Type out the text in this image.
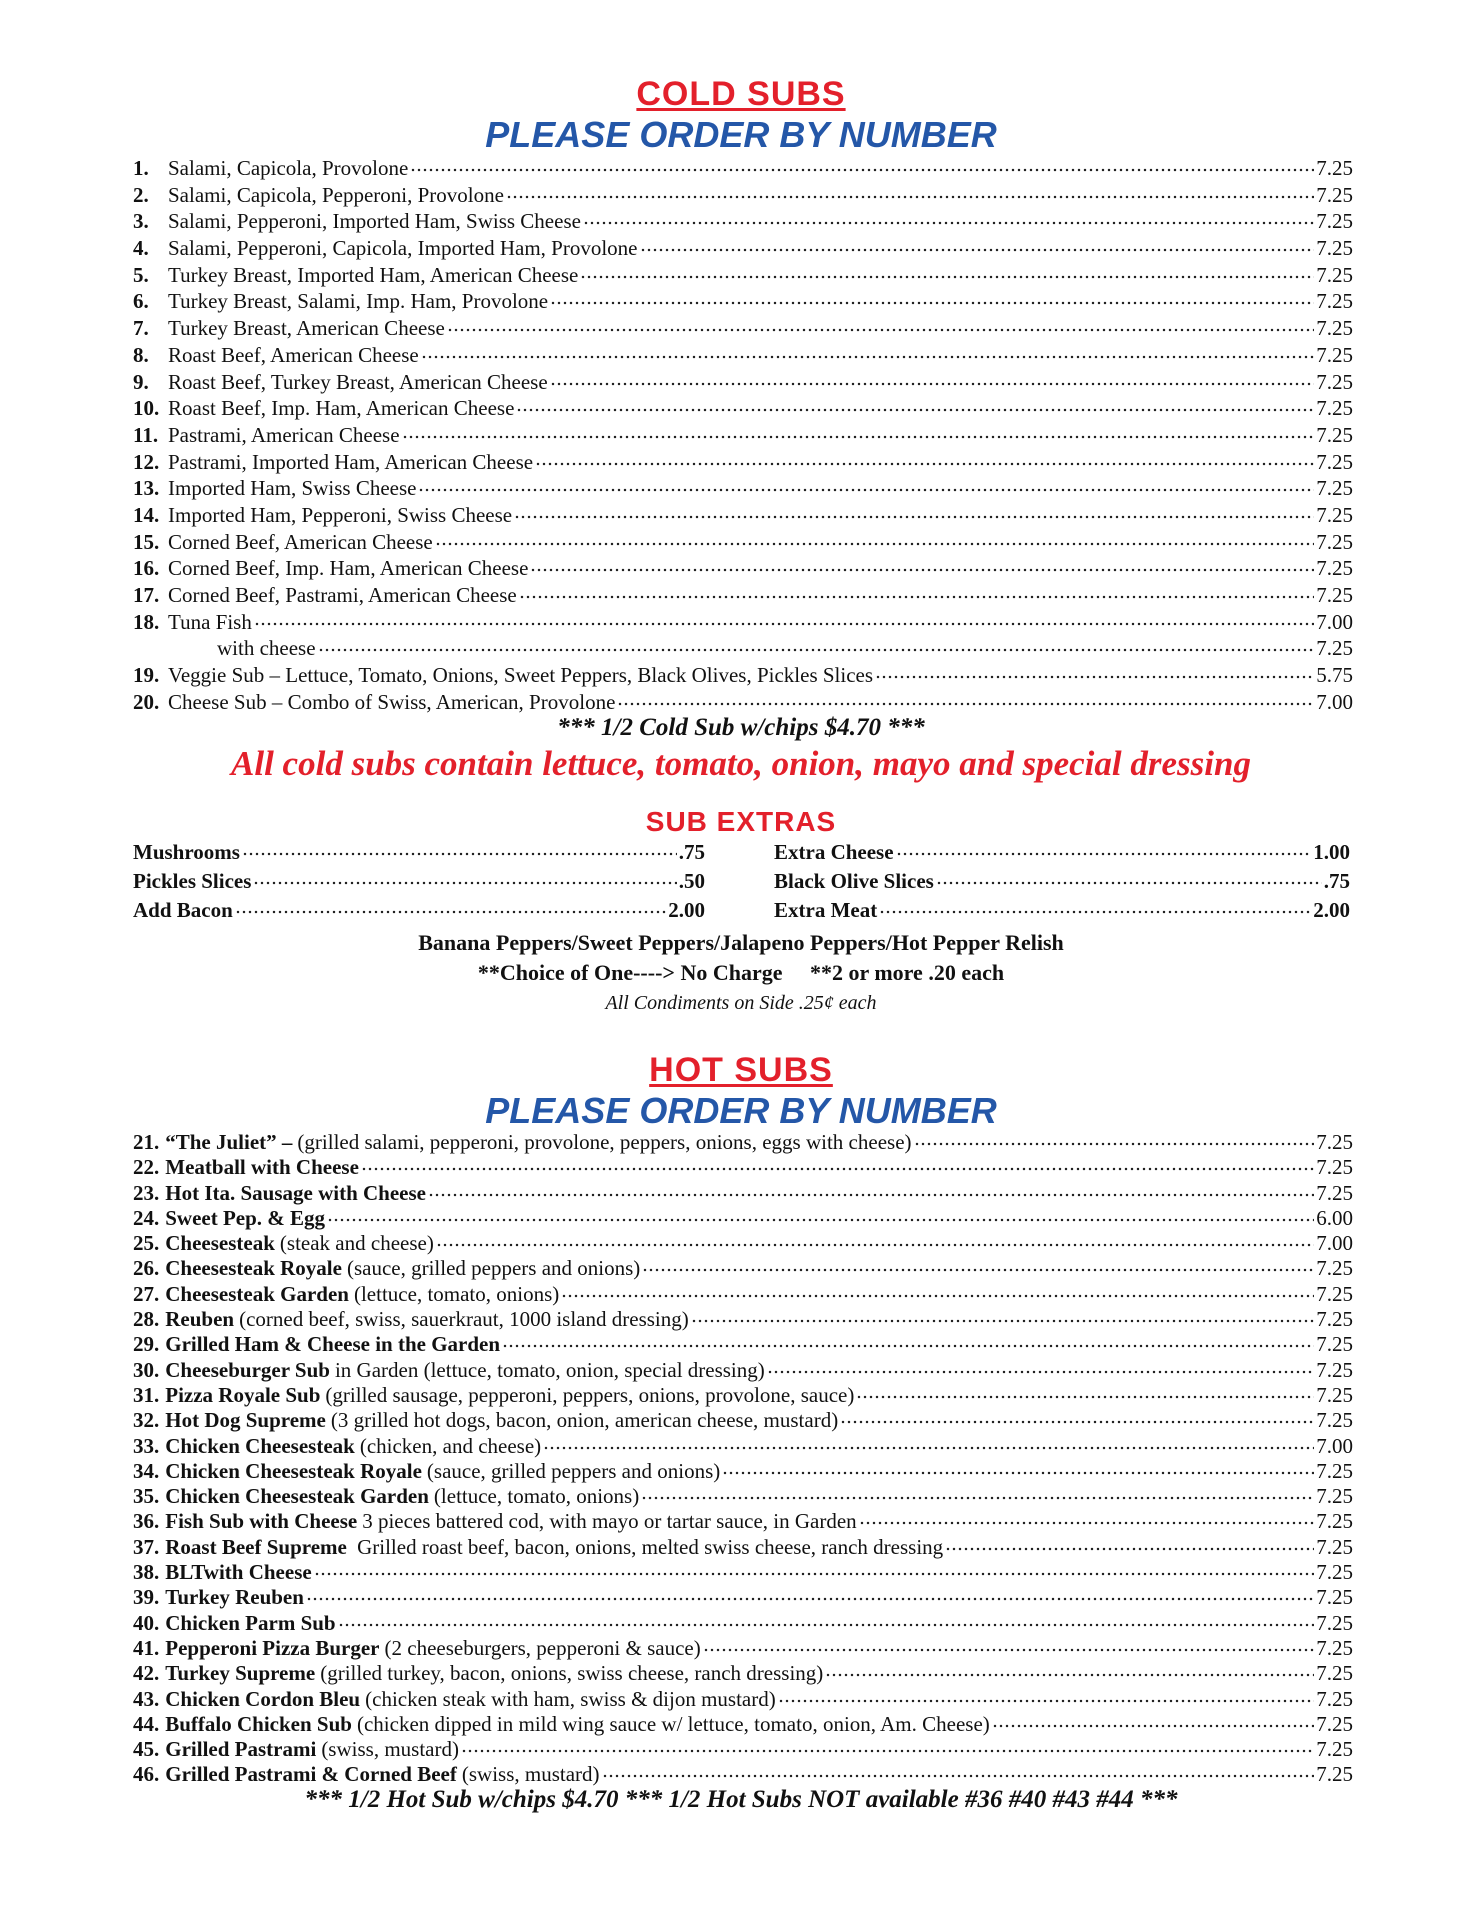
COLD SUBS
PLEASE ORDER BY NUMBER
1. Salami, Capicola, Provolone	7.25
2. Salami, Capicola, Pepperoni, Provolone	7.25
3. Salami, Pepperoni, Imported Ham, Swiss Cheese	7.25
4. Salami, Pepperoni, Capicola, Imported Ham, Provolone	7.25
5. Turkey Breast, Imported Ham, American Cheese	7.25
6. Turkey Breast, Salami, Imp. Ham, Provolone	7.25
7. Turkey Breast, American Cheese	7.25
8. Roast Beef, American Cheese	7.25
9. Roast Beef, Turkey Breast, American Cheese	7.25
10. Roast Beef, Imp. Ham, American Cheese	7.25
11. Pastrami, American Cheese	7.25
12. Pastrami, Imported Ham, American Cheese	7.25
13. Imported Ham, Swiss Cheese	7.25
14. Imported Ham, Pepperoni, Swiss Cheese	7.25
15. Corned Beef, American Cheese	7.25
16. Corned Beef, Imp. Ham, American Cheese	7.25
17. Corned Beef, Pastrami, American Cheese	7.25
18. Tuna Fish	7.00
with cheese	7.25
19. Veggie Sub – Lettuce, Tomato, Onions, Sweet Peppers, Black Olives, Pickles Slices	5.75
20. Cheese Sub – Combo of Swiss, American, Provolone	7.00
*** 1/2 Cold Sub w/chips $4.70 ***
All cold subs contain lettuce, tomato, onion, mayo and special dressing
SUB EXTRAS
Mushrooms	.75
Pickles Slices	.50
Add Bacon	2.00
Extra Cheese	1.00
Black Olive Slices	.75
Extra Meat	2.00
Banana Peppers/Sweet Peppers/Jalapeno Peppers/Hot Pepper Relish
**Choice of One----> No Charge     **2 or more .20 each
All Condiments on Side .25¢ each
HOT SUBS
PLEASE ORDER BY NUMBER
21. “The Juliet” – (grilled salami, pepperoni, provolone, peppers, onions, eggs with cheese)	7.25
22. Meatball with Cheese	7.25
23. Hot Ita. Sausage with Cheese	7.25
24. Sweet Pep. & Egg	6.00
25. Cheesesteak (steak and cheese)	7.00
26. Cheesesteak Royale (sauce, grilled peppers and onions)	7.25
27. Cheesesteak Garden (lettuce, tomato, onions)	7.25
28. Reuben (corned beef, swiss, sauerkraut, 1000 island dressing)	7.25
29. Grilled Ham & Cheese in the Garden	7.25
30. Cheeseburger Sub in Garden (lettuce, tomato, onion, special dressing)	7.25
31. Pizza Royale Sub (grilled sausage, pepperoni, peppers, onions, provolone, sauce)	7.25
32. Hot Dog Supreme (3 grilled hot dogs, bacon, onion, american cheese, mustard)	7.25
33. Chicken Cheesesteak (chicken, and cheese)	7.00
34. Chicken Cheesesteak Royale (sauce, grilled peppers and onions)	7.25
35. Chicken Cheesesteak Garden (lettuce, tomato, onions)	7.25
36. Fish Sub with Cheese 3 pieces battered cod, with mayo or tartar sauce, in Garden	7.25
37. Roast Beef Supreme Grilled roast beef, bacon, onions, melted swiss cheese, ranch dressing	7.25
38. BLTwith Cheese	7.25
39. Turkey Reuben	7.25
40. Chicken Parm Sub	7.25
41. Pepperoni Pizza Burger (2 cheeseburgers, pepperoni & sauce)	7.25
42. Turkey Supreme (grilled turkey, bacon, onions, swiss cheese, ranch dressing)	7.25
43. Chicken Cordon Bleu (chicken steak with ham, swiss & dijon mustard)	7.25
44. Buffalo Chicken Sub (chicken dipped in mild wing sauce w/ lettuce, tomato, onion, Am. Cheese)	7.25
45. Grilled Pastrami (swiss, mustard)	7.25
46. Grilled Pastrami & Corned Beef (swiss, mustard)	7.25
*** 1/2 Hot Sub w/chips $4.70 *** 1/2 Hot Subs NOT available #36 #40 #43 #44 ***
